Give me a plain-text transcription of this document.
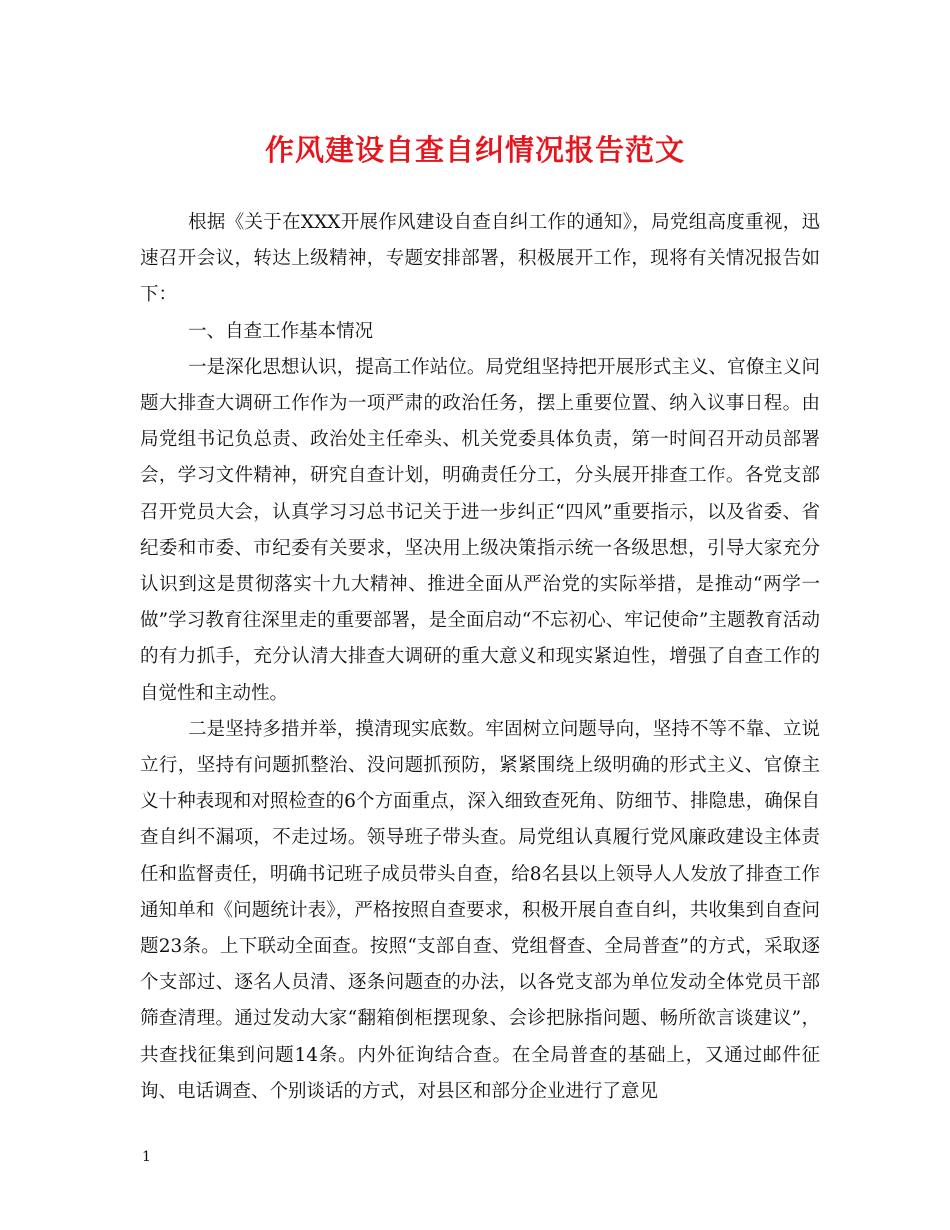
作风建设自查自纠情况报告范文

根据《关于在XXX开展作风建设自查自纠工作的通知》，局党组高度重视，迅速召开会议，转达上级精神，专题安排部署，积极展开工作，现将有关情况报告如下：

一、自查工作基本情况

一是深化思想认识，提高工作站位。局党组坚持把开展形式主义、官僚主义问题大排查大调研工作作为一项严肃的政治任务，摆上重要位置、纳入议事日程。由局党组书记负总责、政治处主任牵头、机关党委具体负责，第一时间召开动员部署会，学习文件精神，研究自查计划，明确责任分工，分头展开排查工作。各党支部召开党员大会，认真学习习总书记关于进一步纠正“四风”重要指示，以及省委、省纪委和市委、市纪委有关要求，坚决用上级决策指示统一各级思想，引导大家充分认识到这是贯彻落实十九大精神、推进全面从严治党的实际举措，是推动“两学一做”学习教育往深里走的重要部署，是全面启动“不忘初心、牢记使命”主题教育活动的有力抓手，充分认清大排查大调研的重大意义和现实紧迫性，增强了自查工作的自觉性和主动性。

二是坚持多措并举，摸清现实底数。牢固树立问题导向，坚持不等不靠、立说立行，坚持有问题抓整治、没问题抓预防，紧紧围绕上级明确的形式主义、官僚主义十种表现和对照检查的6个方面重点，深入细致查死角、防细节、排隐患，确保自查自纠不漏项，不走过场。领导班子带头查。局党组认真履行党风廉政建设主体责任和监督责任，明确书记班子成员带头自查，给8名县以上领导人人发放了排查工作通知单和《问题统计表》，严格按照自查要求，积极开展自查自纠，共收集到自查问题23条。上下联动全面查。按照“支部自查、党组督查、全局普查”的方式，采取逐个支部过、逐名人员清、逐条问题查的办法，以各党支部为单位发动全体党员干部筛查清理。通过发动大家“翻箱倒柜摆现象、会诊把脉指问题、畅所欲言谈建议”，共查找征集到问题14条。内外征询结合查。在全局普查的基础上，又通过邮件征询、电话调查、个别谈话的方式，对县区和部分企业进行了意见

1
